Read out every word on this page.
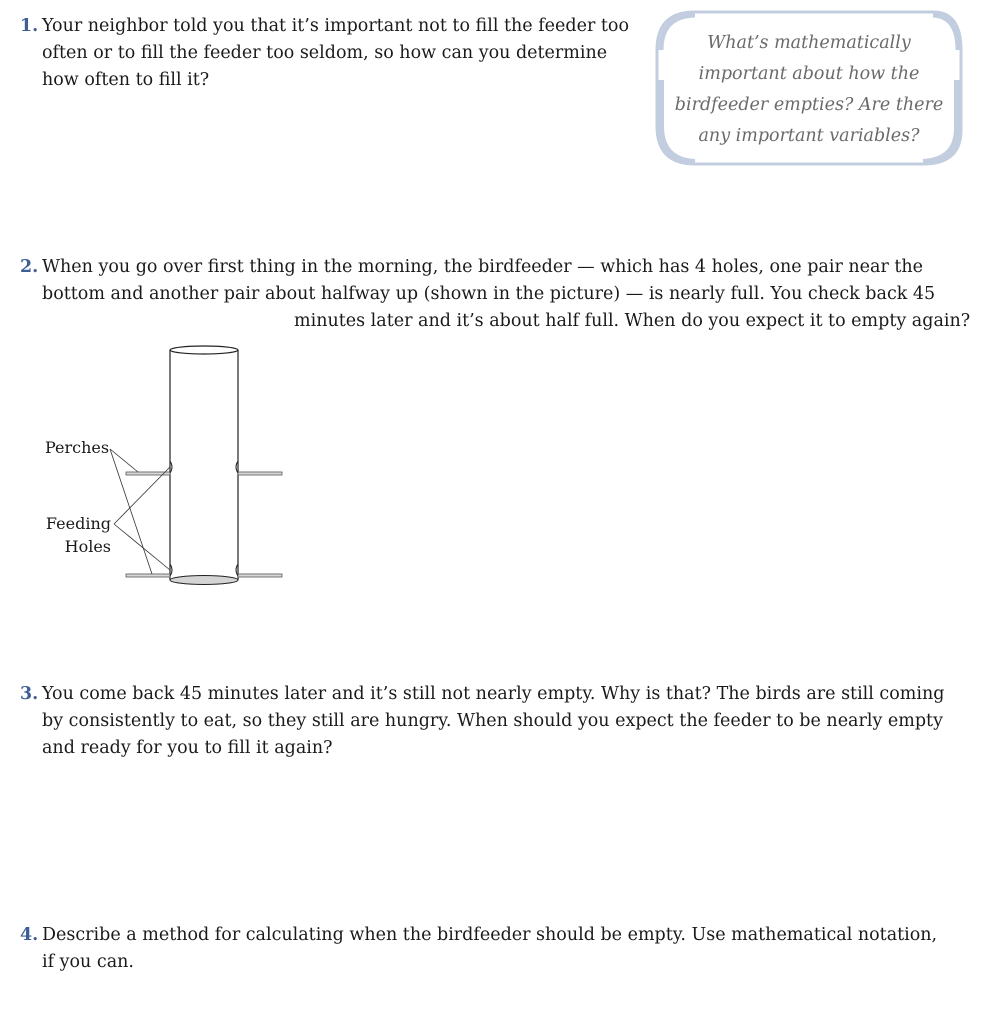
1. Your neighbor told you that it’s important not to fill the feeder too
often or to fill the feeder too seldom, so how can you determine
how often to fill it?
What’s mathematically
important about how the
birdfeeder empties? Are there
any important variables?
2. When you go over first thing in the morning, the birdfeeder — which has 4 holes, one pair near the
bottom and another pair about halfway up (shown in the picture) — is nearly full. You check back 45
minutes later and it’s about half full. When do you expect it to empty again?
Perches
Feeding
Holes
3. You come back 45 minutes later and it’s still not nearly empty. Why is that? The birds are still coming
by consistently to eat, so they still are hungry. When should you expect the feeder to be nearly empty
and ready for you to fill it again?
4. Describe a method for calculating when the birdfeeder should be empty. Use mathematical notation,
if you can.
